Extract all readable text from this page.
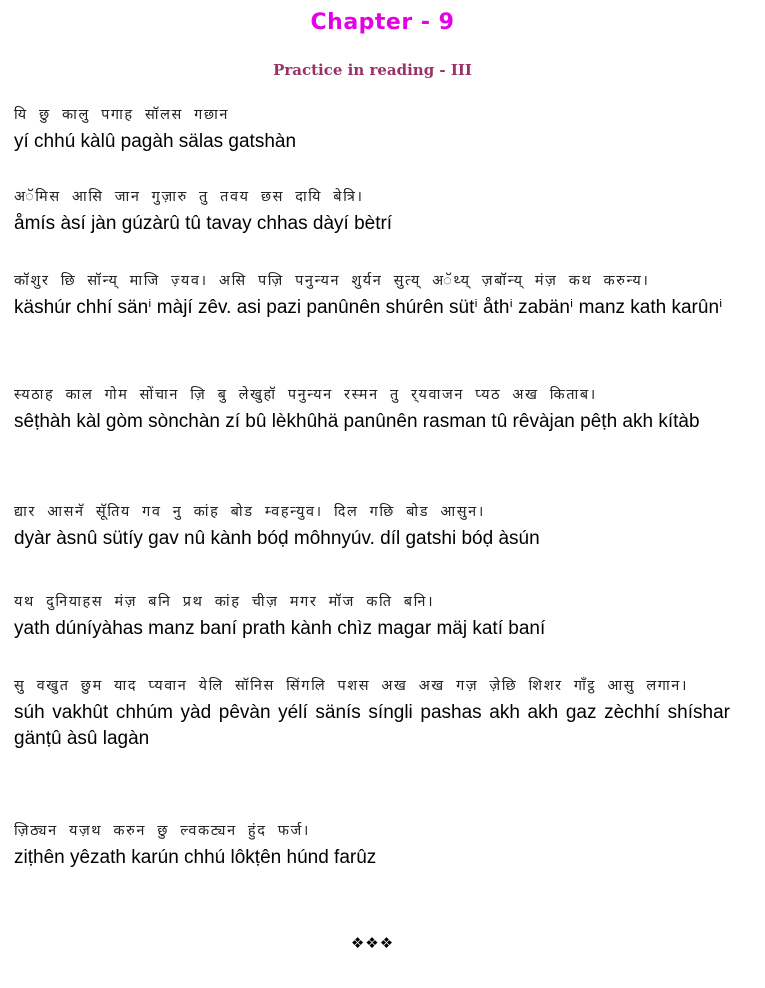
Chapter - 9
Practice in reading - III
यि छु कालु पगाह सॉलस गछान
yí chhú kàlû pagàh sälas gatshàn
अॅमिस आसि जान गुज़ारु तु तवय छस दायि बेत्रि।
åmís àsí jàn gúzàrû tû tavay chhas dàyí bètrí
कॉशुर छि सॉन्य् माजि ज़्यव। असि पज़ि पनुन्यन शुर्यन सुत्य् अॅथ्य् ज़बॉन्य् मंज़ कथ करुन्य।
käshúr chhí sänⁱ màjí zêv. asi pazi panûnên shúrên sütⁱ åthⁱ zabänⁱ manz kath karûnⁱ
स्यठाह काल गोम सोंचान ज़ि बु लेखुहॉ पनुन्यन रस्मन तु र्‌यवाजन प्यठ अख किताब।
sêṭhàh kàl gòm sònchàn zí bû lèkhûhä panûnên rasman tû rêvàjan pêṭh akh kítàb
द्यार आसनॅ सूॅतिय गव नु कांह बोड म्वहन्युव। दिल गछि बोड आसुन।
dyàr àsnû sütíy gav nû kành bóḍ môhnyúv. díl gatshi bóḍ àsún
यथ दुनियाहस मंज़ बनि प्रथ कांह चीज़ मगर मॉज कति बनि।
yath dúníyàhas manz baní prath kành chìz magar mäj katí baní
सु वखुत छुम याद प्यवान येलि सॉनिस सिंगलि पशस अख अख गज़ ज़ेछि शिशर गॉंट्ठ आसु लगान।
súh vakhût chhúm yàd pêvàn yélí sänís síngli pashas akh akh gaz zèchhí shíshar gänṭû àsû lagàn
ज़िठ्यन यज़थ करुन छु ल्वकट्यन हुंद फर्ज।
ziṭhên yêzath karún chhú lôkṭên húnd farûz
❖❖❖
